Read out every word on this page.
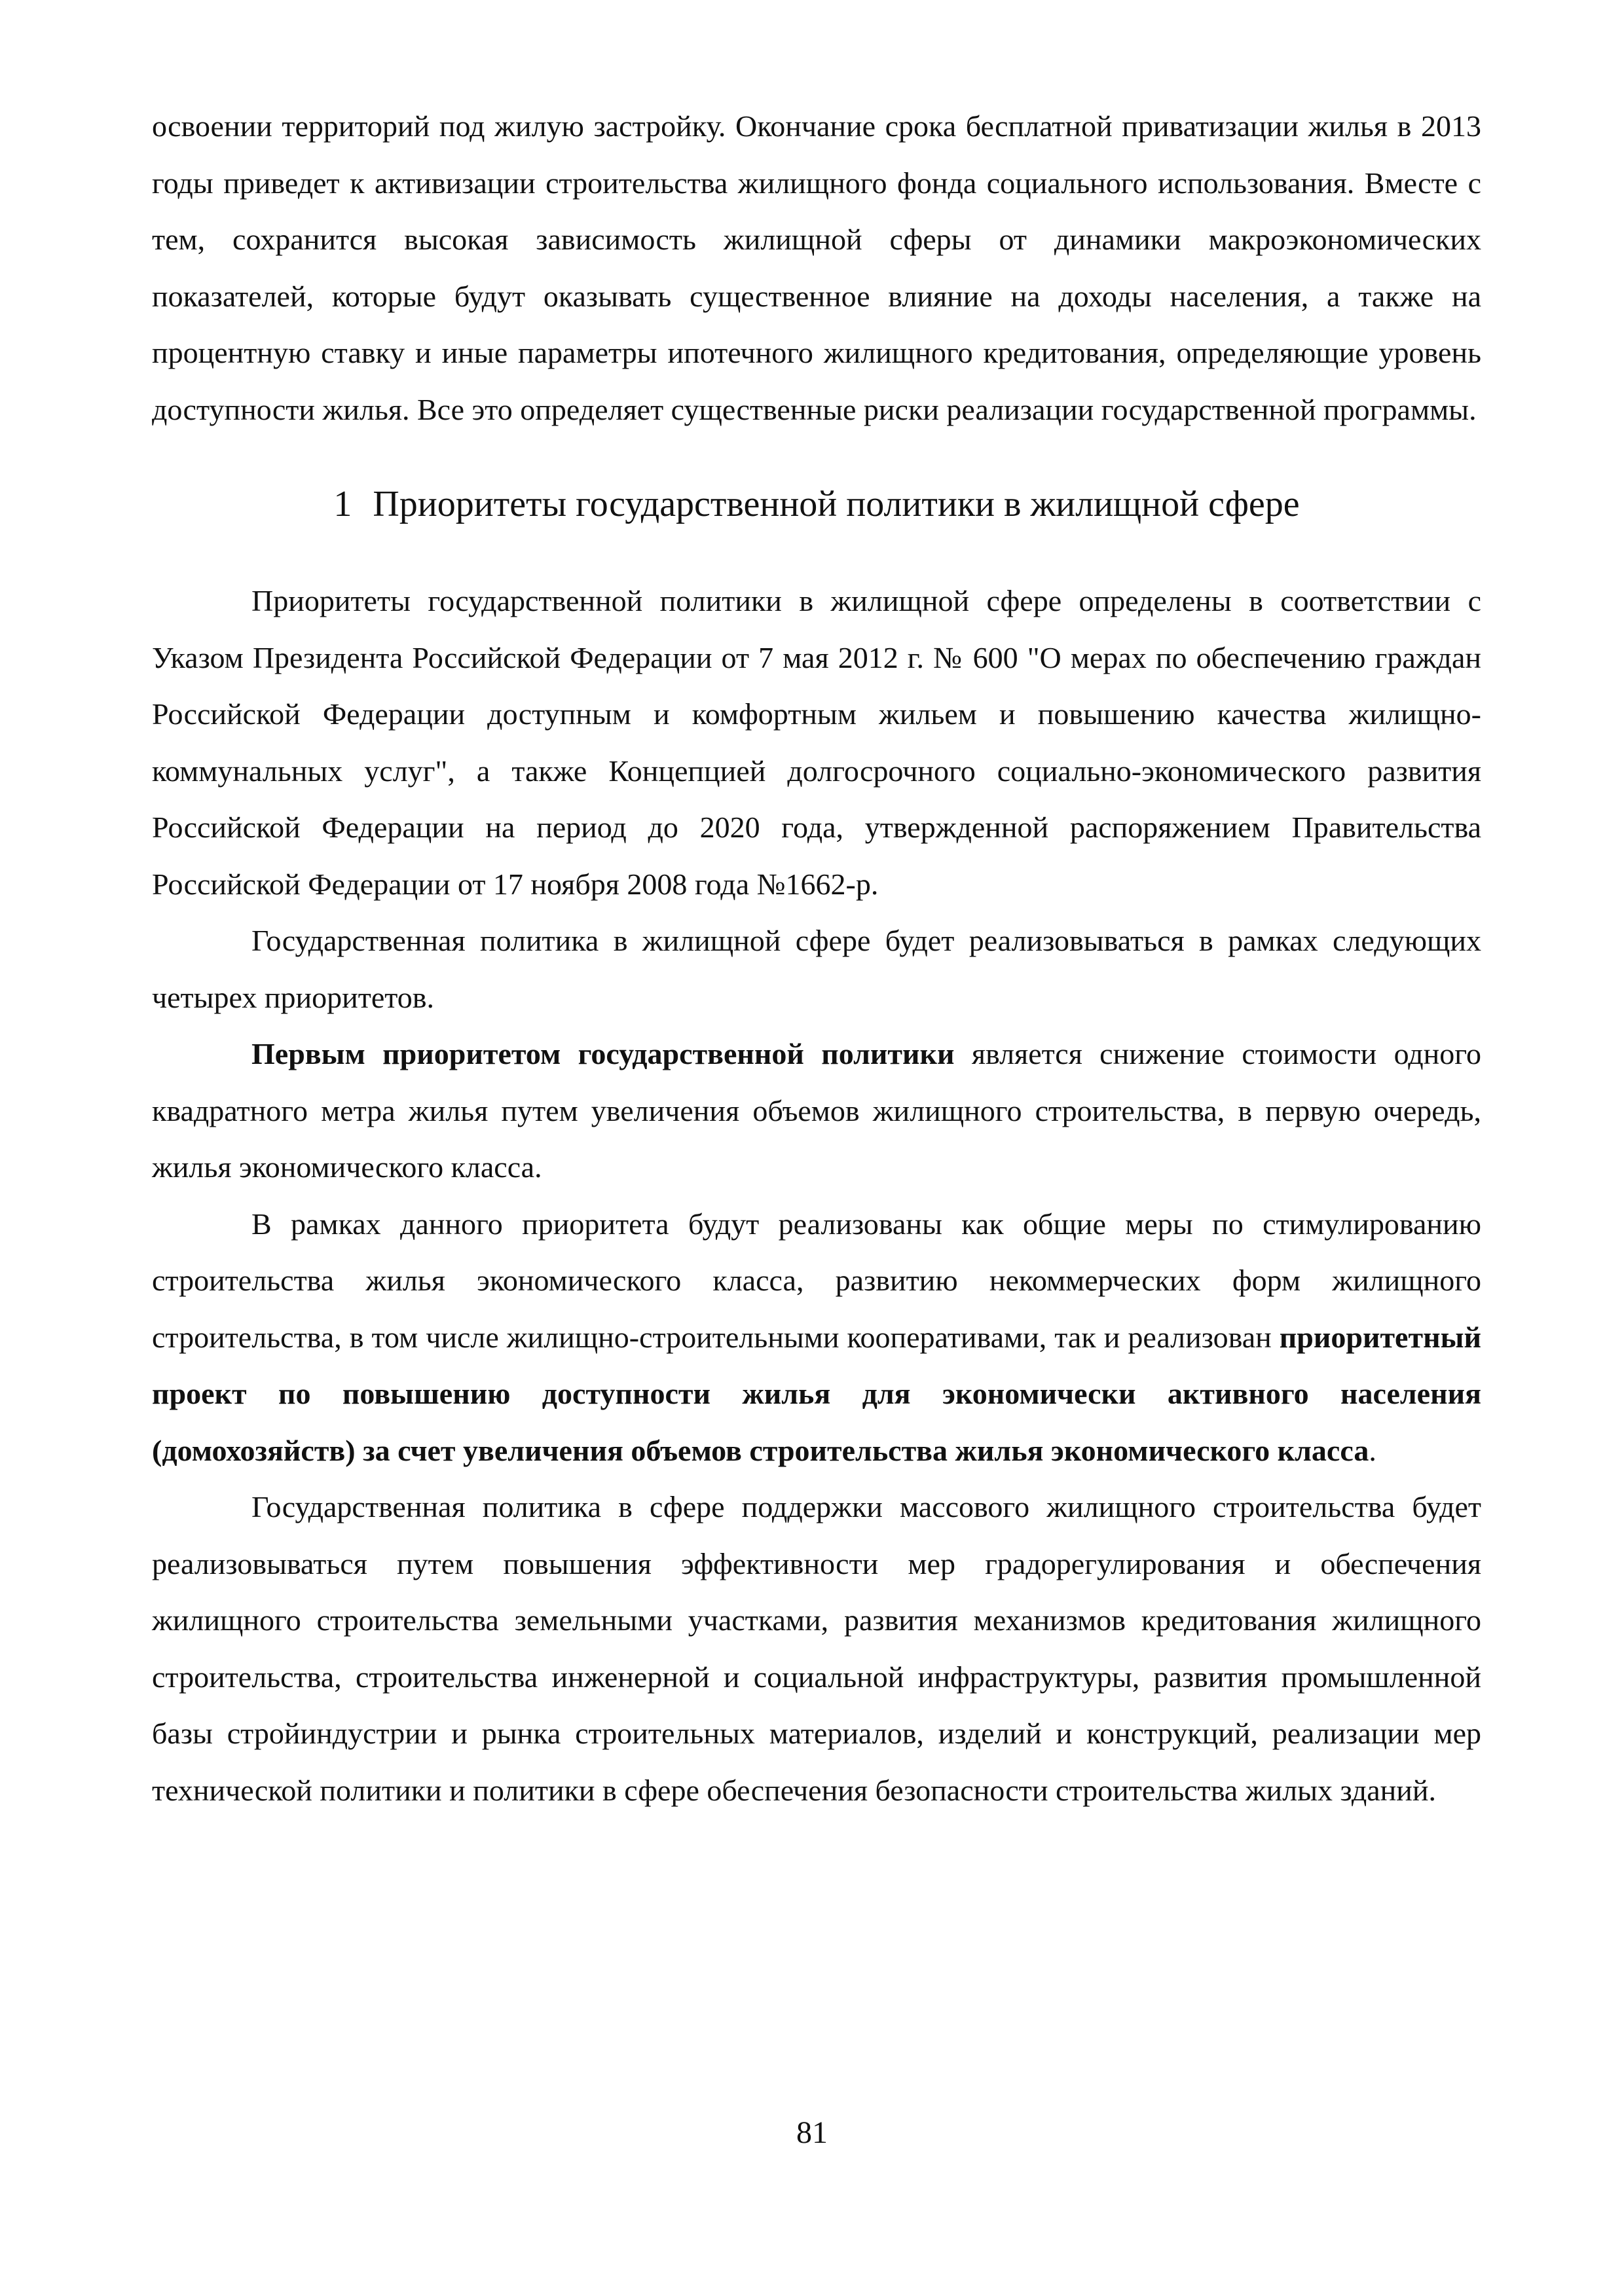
освоении территорий под жилую застройку. Окончание срока бесплатной приватизации жилья в 2013 годы приведет к активизации строительства жилищного фонда социального использования. Вместе с тем, сохранится высокая зависимость жилищной сферы от динамики макроэкономических показателей, которые будут оказывать существенное влияние на доходы населения, а также на процентную ставку и иные параметры ипотечного жилищного кредитования, определяющие уровень доступности жилья. Все это определяет существенные риски реализации государственной программы.

1 Приоритеты государственной политики в жилищной сфере

Приоритеты государственной политики в жилищной сфере определены в соответствии с Указом Президента Российской Федерации от 7 мая 2012 г. № 600 "О мерах по обеспечению граждан Российской Федерации доступным и комфортным жильем и повышению качества жилищно-коммунальных услуг", а также Концепцией долгосрочного социально-экономического развития Российской Федерации на период до 2020 года, утвержденной распоряжением Правительства Российской Федерации от 17 ноября 2008 года №1662-р.

Государственная политика в жилищной сфере будет реализовываться в рамках следующих четырех приоритетов.

Первым приоритетом государственной политики является снижение стоимости одного квадратного метра жилья путем увеличения объемов жилищного строительства, в первую очередь, жилья экономического класса.

В рамках данного приоритета будут реализованы как общие меры по стимулированию строительства жилья экономического класса, развитию некоммерческих форм жилищного строительства, в том числе жилищно-строительными кооперативами, так и реализован приоритетный проект по повышению доступности жилья для экономически активного населения (домохозяйств) за счет увеличения объемов строительства жилья экономического класса.

Государственная политика в сфере поддержки массового жилищного строительства будет реализовываться путем повышения эффективности мер градорегулирования и обеспечения жилищного строительства земельными участками, развития механизмов кредитования жилищного строительства, строительства инженерной и социальной инфраструктуры, развития промышленной базы стройиндустрии и рынка строительных материалов, изделий и конструкций, реализации мер технической политики и политики в сфере обеспечения безопасности строительства жилых зданий.

81
